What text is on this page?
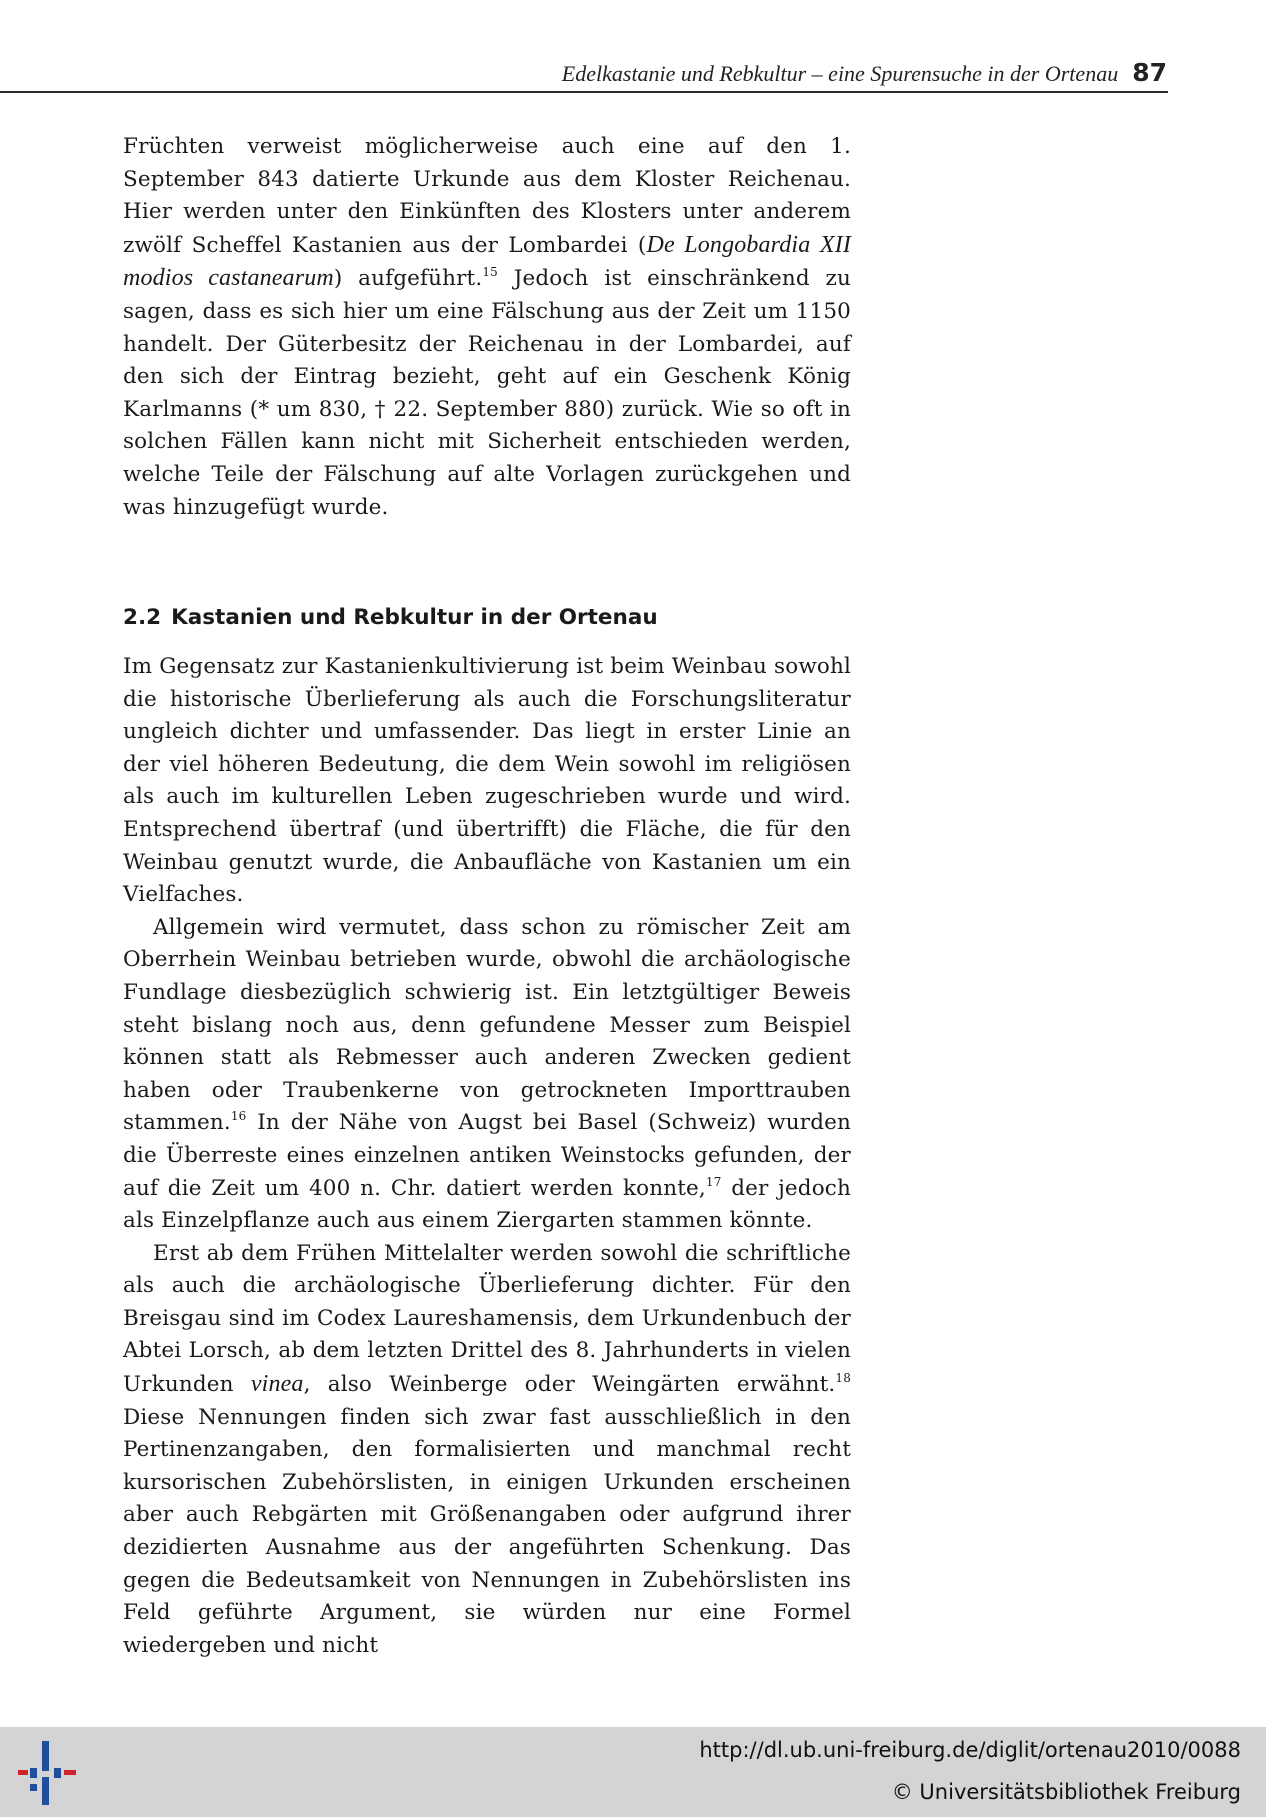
Edelkastanie und Rebkultur – eine Spurensuche in der Ortenau 87

Früchten verweist möglicherweise auch eine auf den 1. September 843 datierte Urkunde aus dem Kloster Reichenau. Hier werden unter den Einkünften des Klosters unter anderem zwölf Scheffel Kastanien aus der Lombardei (De Longobardia XII modios castanearum) aufgeführt.$^{15}$ Jedoch ist einschränkend zu sagen, dass es sich hier um eine Fälschung aus der Zeit um 1150 handelt. Der Güterbesitz der Reichenau in der Lombardei, auf den sich der Eintrag bezieht, geht auf ein Geschenk König Karlmanns (* um 830, † 22. September 880) zurück. Wie so oft in solchen Fällen kann nicht mit Sicherheit entschieden werden, welche Teile der Fälschung auf alte Vorlagen zurückgehen und was hinzugefügt wurde.

2.2 Kastanien und Rebkultur in der Ortenau

Im Gegensatz zur Kastanienkultivierung ist beim Weinbau sowohl die historische Überlieferung als auch die Forschungsliteratur ungleich dichter und umfassender. Das liegt in erster Linie an der viel höheren Bedeutung, die dem Wein sowohl im religiösen als auch im kulturellen Leben zugeschrieben wurde und wird. Entsprechend übertraf (und übertrifft) die Fläche, die für den Weinbau genutzt wurde, die Anbaufläche von Kastanien um ein Vielfaches.

Allgemein wird vermutet, dass schon zu römischer Zeit am Oberrhein Weinbau betrieben wurde, obwohl die archäologische Fundlage diesbezüglich schwierig ist. Ein letztgültiger Beweis steht bislang noch aus, denn gefundene Messer zum Beispiel können statt als Rebmesser auch anderen Zwecken gedient haben oder Traubenkerne von getrockneten Importtrauben stammen.$^{16}$ In der Nähe von Augst bei Basel (Schweiz) wurden die Überreste eines einzelnen antiken Weinstocks gefunden, der auf die Zeit um 400 n. Chr. datiert werden konnte,$^{17}$ der jedoch als Einzelpflanze auch aus einem Ziergarten stammen könnte.

Erst ab dem Frühen Mittelalter werden sowohl die schriftliche als auch die archäologische Überlieferung dichter. Für den Breisgau sind im Codex Laureshamensis, dem Urkundenbuch der Abtei Lorsch, ab dem letzten Drittel des 8. Jahrhunderts in vielen Urkunden vinea, also Weinberge oder Weingärten erwähnt.$^{18}$ Diese Nennungen finden sich zwar fast ausschließlich in den Pertinenzangaben, den formalisierten und manchmal recht kursorischen Zubehörslisten, in einigen Urkunden erscheinen aber auch Rebgärten mit Größenangaben oder aufgrund ihrer dezidierten Ausnahme aus der angeführten Schenkung. Das gegen die Bedeutsamkeit von Nennungen in Zubehörslisten ins Feld geführte Argument, sie würden nur eine Formel wiedergeben und nicht

http://dl.ub.uni-freiburg.de/diglit/ortenau2010/0088
© Universitätsbibliothek Freiburg
